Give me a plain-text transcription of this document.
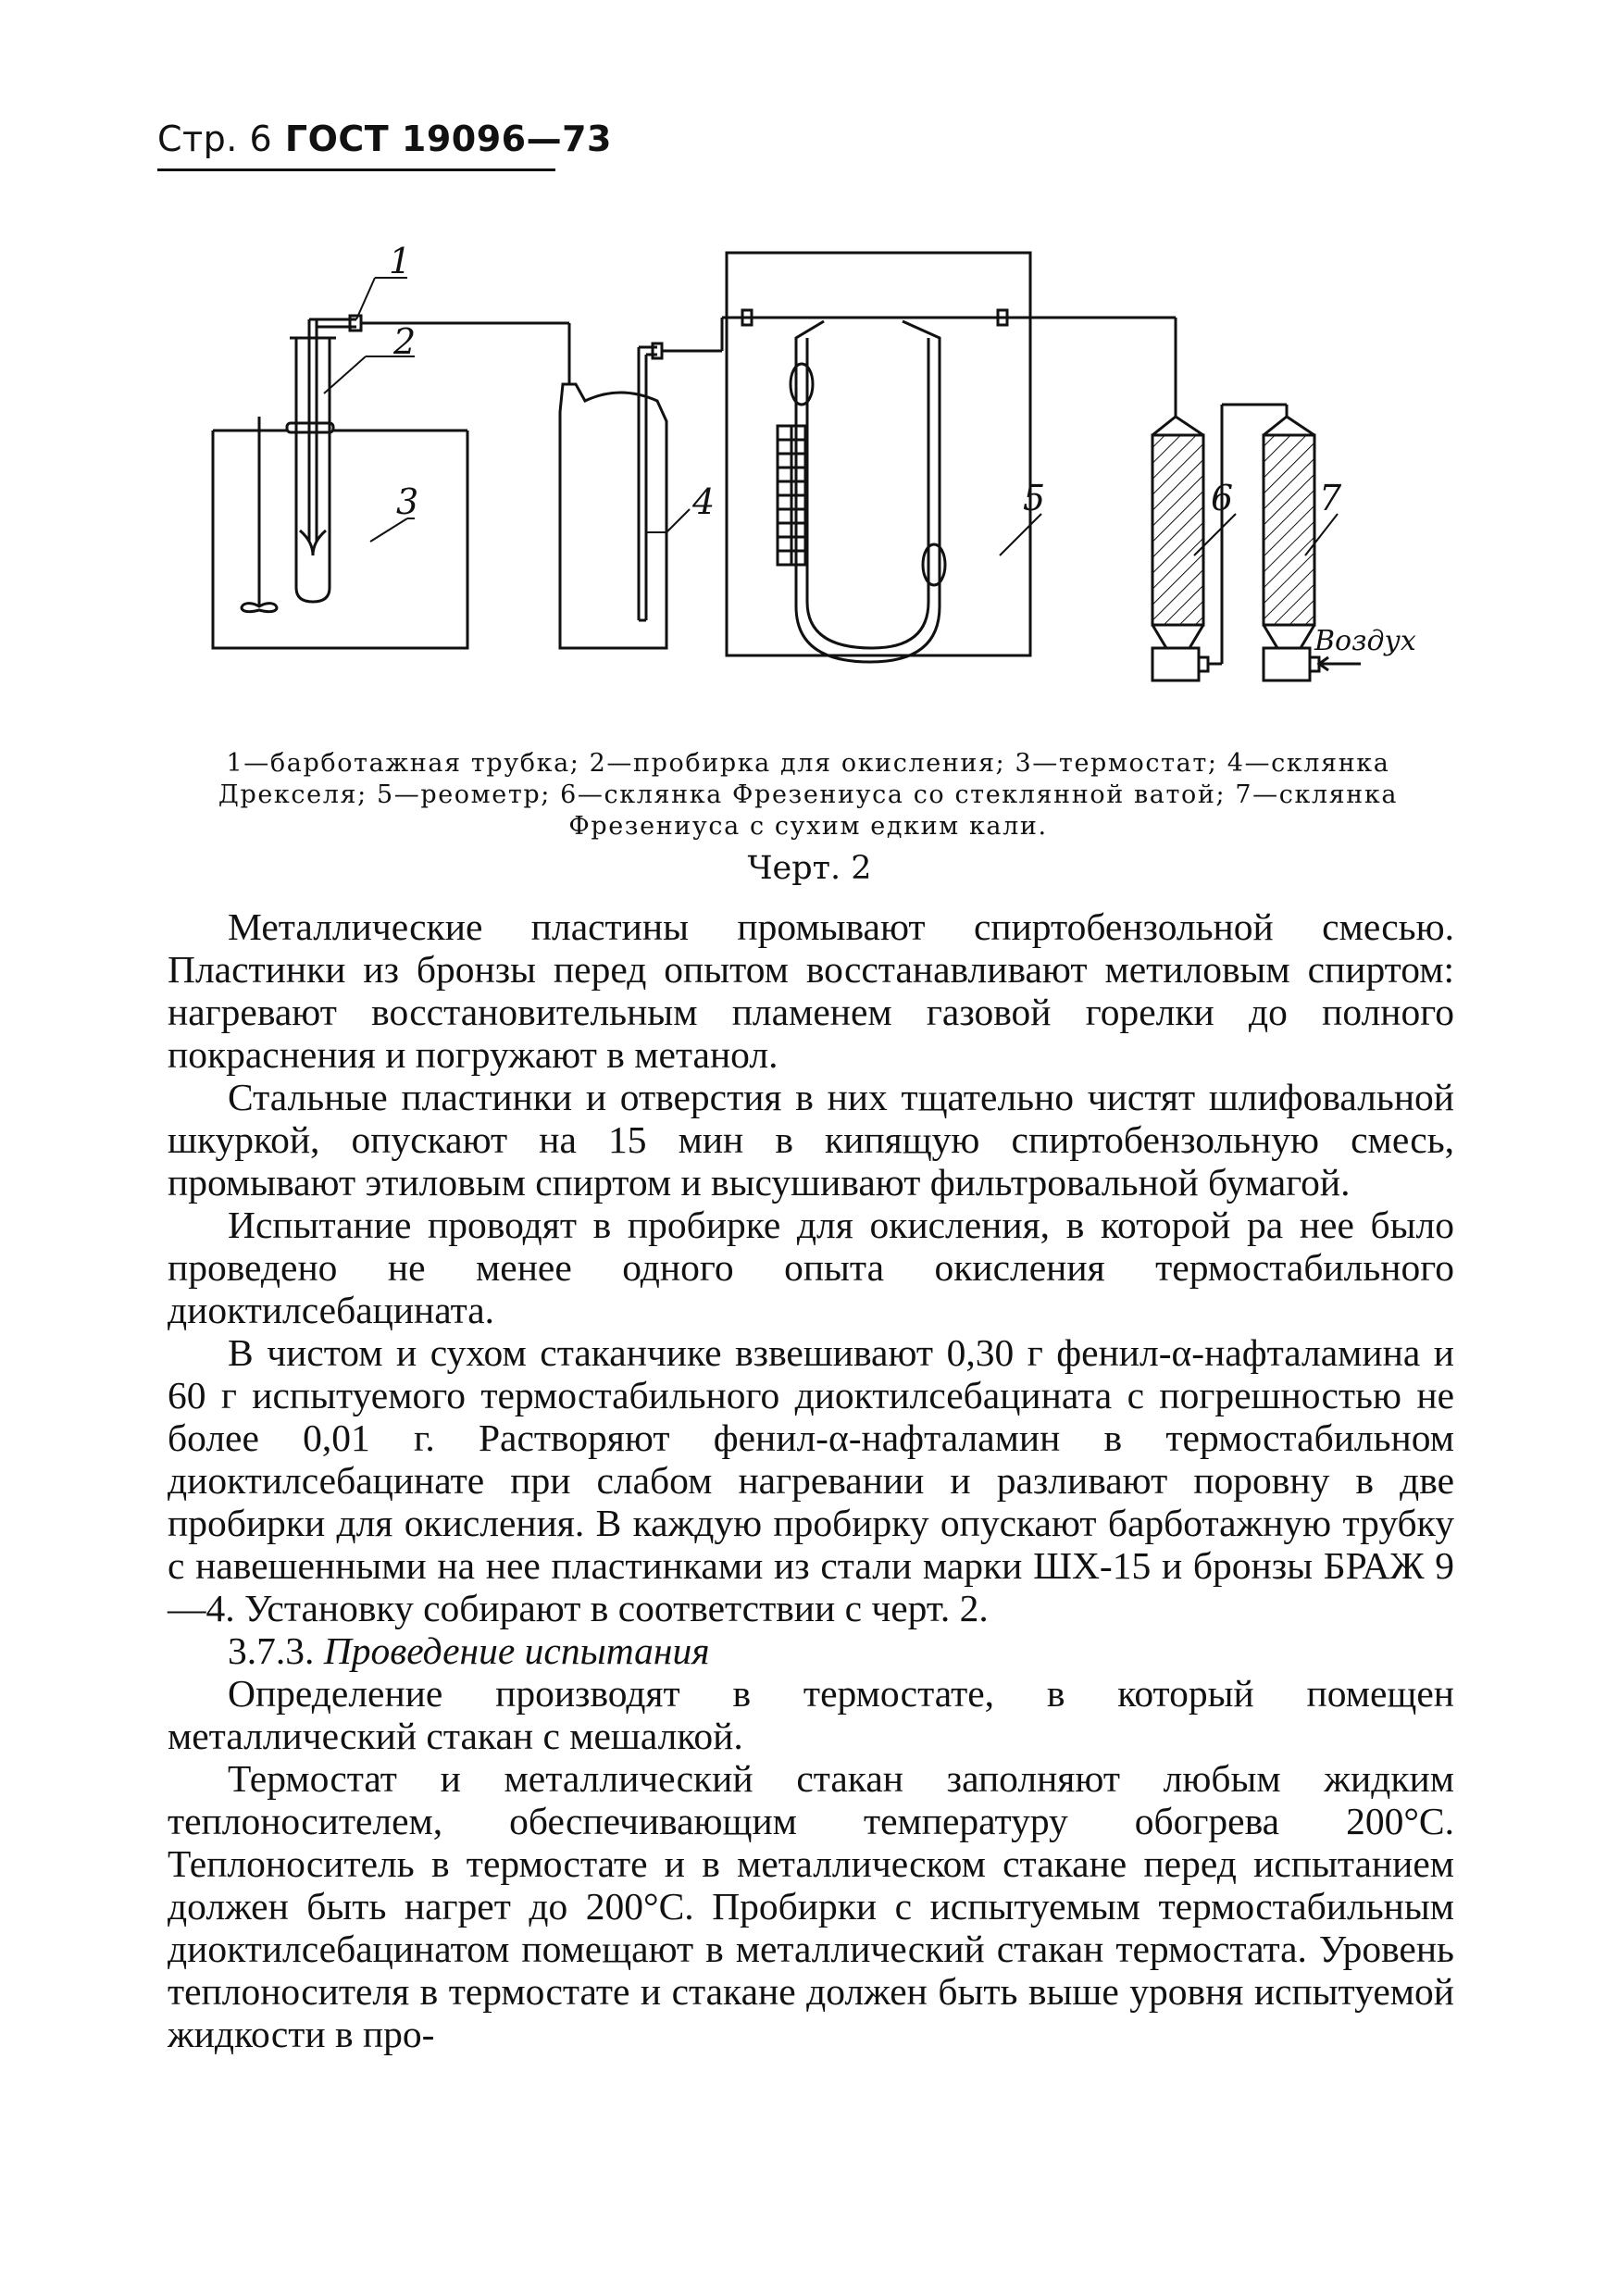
Стр. 6 ГОСТ 19096—73
1
2
3	4	5	6 7
Воздух
1—барботажная трубка; 2—пробирка для окисления; 3—термостат; 4—склянка Дрекселя; 5—реометр; 6—склянка Фрезениуса со стеклянной ватой; 7—склянка Фрезениуса с сухим едким кали.
Черт. 2

Металлические пластины промывают спиртобензольной смесью. Пластинки из бронзы перед опытом восстанавливают метиловым спиртом: нагревают восстановительным пламенем газовой горелки до полного покраснения и погружают в метанол.

Стальные пластинки и отверстия в них тщательно чистят шлифовальной шкуркой, опускают на 15 мин в кипящую спиртобензольную смесь, промывают этиловым спиртом и высушивают фильтровальной бумагой.

Испытание проводят в пробирке для окисления, в которой ра нее было проведено не менее одного опыта окисления термостабильного диоктилсебацината.

В чистом и сухом стаканчике взвешивают 0,30 г фенил-α-нафталамина и 60 г испытуемого термостабильного диоктилсебацината с погрешностью не более 0,01 г. Растворяют фенил-α-нафталамин в термостабильном диоктилсебацинате при слабом нагревании и разливают поровну в две пробирки для окисления. В каждую пробирку опускают барботажную трубку с навешенными на нее пластинками из стали марки ШХ-15 и бронзы БРАЖ 9—4. Установку собирают в соответствии с черт. 2.

3.7.3. Проведение испытания

Определение производят в термостате, в который помещен металлический стакан с мешалкой.

Термостат и металлический стакан заполняют любым жидким теплоносителем, обеспечивающим температуру обогрева 200°С. Теплоноситель в термостате и в металлическом стакане перед испытанием должен быть нагрет до 200°С. Пробирки с испытуемым термостабильным диоктилсебацинатом помещают в металлический стакан термостата. Уровень теплоносителя в термостате и стакане должен быть выше уровня испытуемой жидкости в про-
